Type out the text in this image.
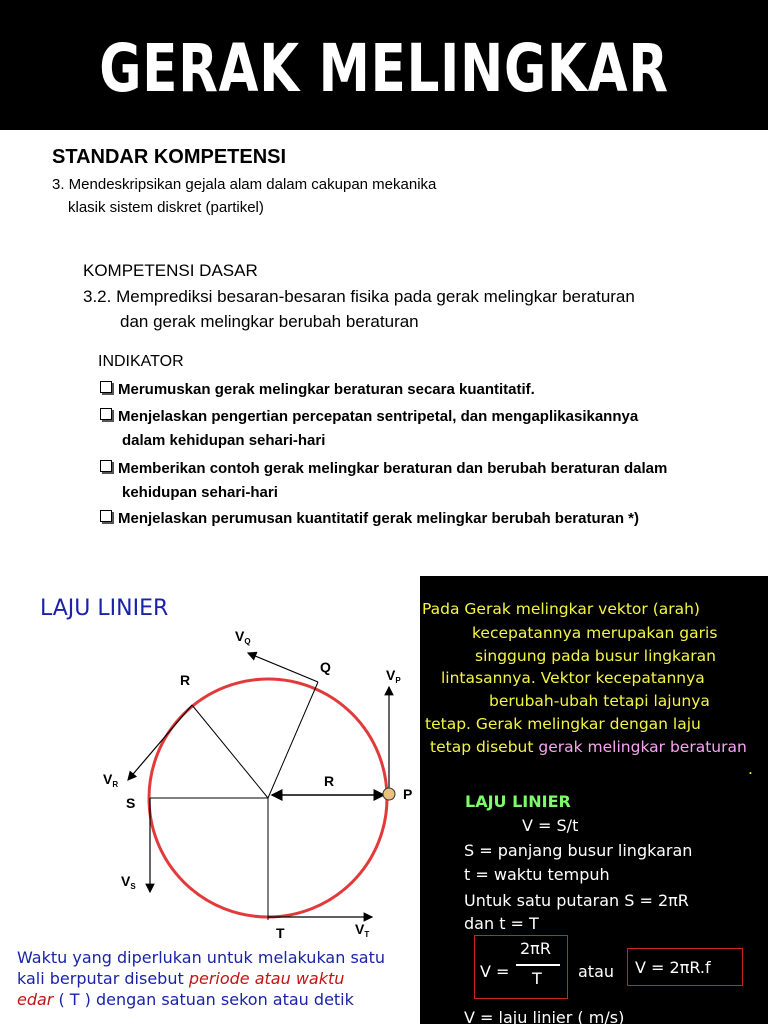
GERAK MELINGKAR
STANDAR KOMPETENSI
3. Mendeskripsikan gejala alam dalam cakupan mekanika
klasik sistem diskret (partikel)
KOMPETENSI DASAR
3.2. Memprediksi besaran-besaran fisika pada gerak melingkar beraturan
dan gerak melingkar berubah beraturan
INDIKATOR
Merumuskan gerak melingkar beraturan secara kuantitatif.
Menjelaskan pengertian percepatan sentripetal, dan mengaplikasikannya
dalam kehidupan sehari-hari
Memberikan contoh gerak melingkar beraturan dan berubah beraturan dalam
kehidupan sehari-hari
Menjelaskan perumusan kuantitatif gerak melingkar berubah beraturan *)
LAJU LINIER
$V_Q$
Q
R	$V_P$
$V_R$	R
S
P
$V_S$
$V_T$
T
Waktu yang diperlukan untuk melakukan satu
kali berputar disebut periode atau waktu
edar ( T ) dengan satuan sekon atau detik
Pada Gerak melingkar vektor (arah)
kecepatannya merupakan garis
singgung pada busur lingkaran
lintasannya. Vektor kecepatannya
berubah-ubah tetapi lajunya
tetap. Gerak melingkar dengan laju
tetap disebut gerak melingkar beraturan
.
LAJU LINIER
V = S/t
S = panjang busur lingkaran
t = waktu tempuh
Untuk satu putaran S = 2πR
dan t = T
V =
2πR
T atau V = 2πR.f
V = laju linier ( m/s)
